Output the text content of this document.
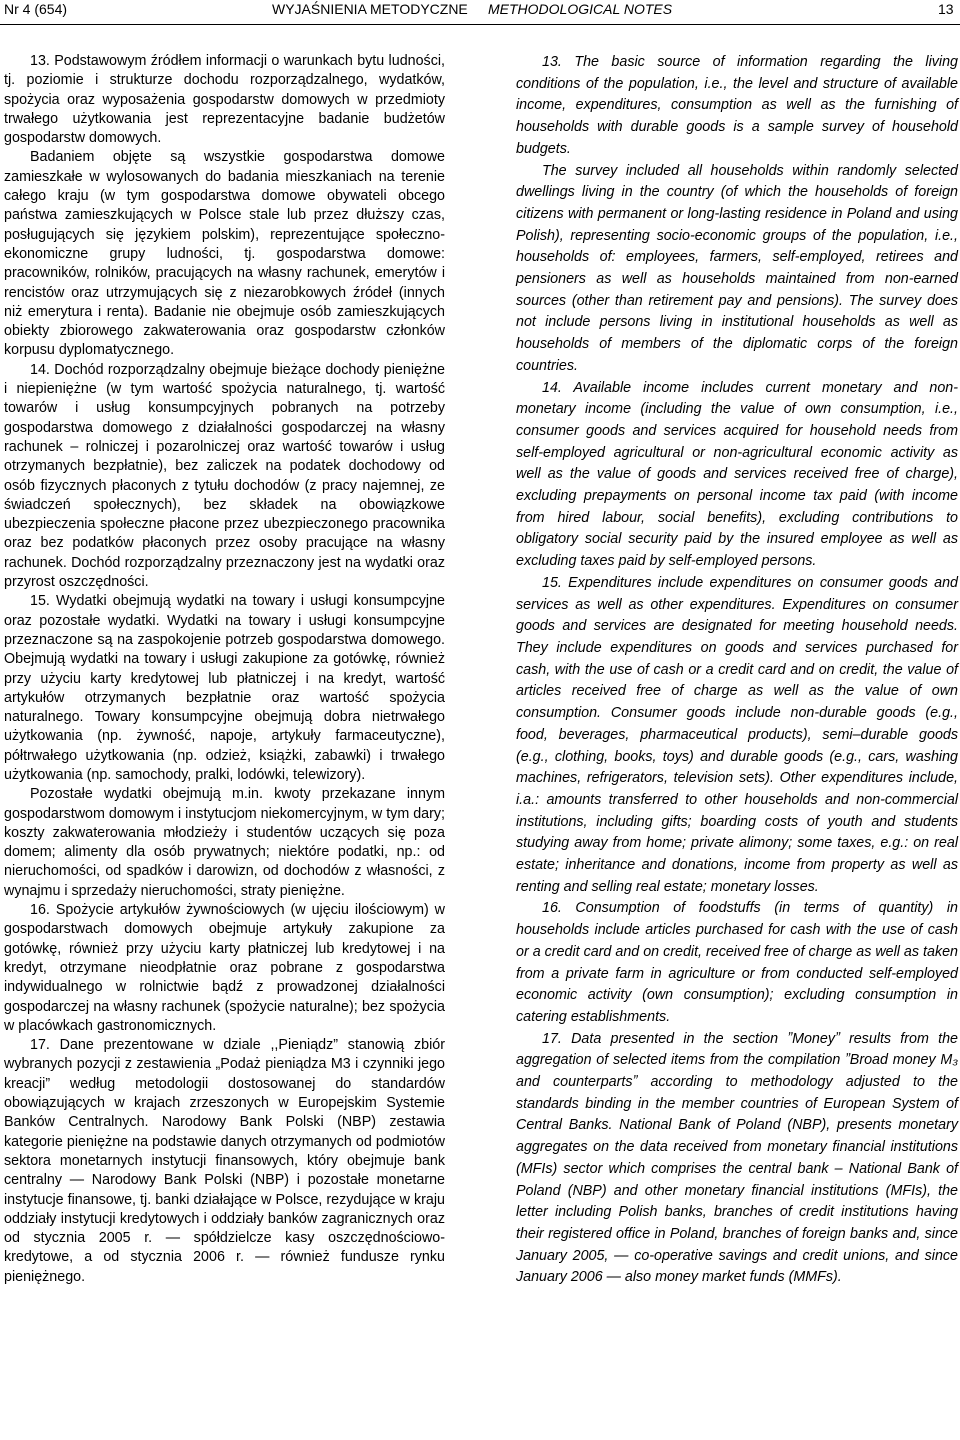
Nr 4 (654)	WYJAŚNIENIA METODYCZNE METHODOLOGICAL NOTES	13

13. Podstawowym źródłem informacji o warunkach bytu ludności, tj. poziomie i strukturze dochodu rozporządzalnego, wydatków, spożycia oraz wyposażenia gospodarstw domowych w przedmioty trwałego użytkowania jest reprezentacyjne badanie budżetów gospodarstw domowych.

Badaniem objęte są wszystkie gospodarstwa domowe zamieszkałe w wylosowanych do badania mieszkaniach na terenie całego kraju (w tym gospodarstwa domowe obywateli obcego państwa zamieszkujących w Polsce stale lub przez dłuższy czas, posługujących się językiem polskim), reprezentujące społeczno-ekonomiczne grupy ludności, tj. gospodarstwa domowe: pracowników, rolników, pracujących na własny rachunek, emerytów i rencistów oraz utrzymujących się z niezarobkowych źródeł (innych niż emerytura i renta). Badanie nie obejmuje osób zamieszkujących obiekty zbiorowego zakwaterowania oraz gospodarstw członków korpusu dyplomatycznego.

14. Dochód rozporządzalny obejmuje bieżące dochody pieniężne i niepieniężne (w tym wartość spożycia naturalnego, tj. wartość towarów i usług konsumpcyjnych pobranych na potrzeby gospodarstwa domowego z działalności gospodarczej na własny rachunek – rolniczej i pozarolniczej oraz wartość towarów i usług otrzymanych bezpłatnie), bez zaliczek na podatek dochodowy od osób fizycznych płaconych z tytułu dochodów (z pracy najemnej, ze świadczeń społecznych), bez składek na obowiązkowe ubezpieczenia społeczne płacone przez ubezpieczonego pracownika oraz bez podatków płaconych przez osoby pracujące na własny rachunek. Dochód rozporządzalny przeznaczony jest na wydatki oraz przyrost oszczędności.

15. Wydatki obejmują wydatki na towary i usługi konsumpcyjne oraz pozostałe wydatki. Wydatki na towary i usługi konsumpcyjne przeznaczone są na zaspokojenie potrzeb gospodarstwa domowego. Obejmują wydatki na towary i usługi zakupione za gotówkę, również przy użyciu karty kredytowej lub płatniczej i na kredyt, wartość artykułów otrzymanych bezpłatnie oraz wartość spożycia naturalnego. Towary konsumpcyjne obejmują dobra nietrwałego użytkowania (np. żywność, napoje, artykuły farmaceutyczne), półtrwałego użytkowania (np. odzież, książki, zabawki) i trwałego użytkowania (np. samochody, pralki, lodówki, telewizory).

Pozostałe wydatki obejmują m.in. kwoty przekazane innym gospodarstwom domowym i instytucjom niekomercyjnym, w tym dary; koszty zakwaterowania młodzieży i studentów uczących się poza domem; alimenty dla osób prywatnych; niektóre podatki, np.: od nieruchomości, od spadków i darowizn, od dochodów z własności, z wynajmu i sprzedaży nieruchomości, straty pieniężne.

16. Spożycie artykułów żywnościowych (w ujęciu ilościowym) w gospodarstwach domowych obejmuje artykuły zakupione za gotówkę, również przy użyciu karty płatniczej lub kredytowej i na kredyt, otrzymane nieodpłatnie oraz pobrane z gospodarstwa indywidualnego w rolnictwie bądź z prowadzonej działalności gospodarczej na własny rachunek (spożycie naturalne); bez spożycia w placówkach gastronomicznych.

17. Dane prezentowane w dziale ,,Pieniądz” stanowią zbiór wybranych pozycji z zestawienia „Podaż pieniądza M3 i czynniki jego kreacji” według metodologii dostosowanej do standardów obowiązujących w krajach zrzeszonych w Europejskim Systemie Banków Centralnych. Narodowy Bank Polski (NBP) zestawia kategorie pieniężne na podstawie danych otrzymanych od podmiotów sektora monetarnych instytucji finansowych, który obejmuje bank centralny — Narodowy Bank Polski (NBP) i pozostałe monetarne instytucje finansowe, tj. banki działające w Polsce, rezydujące w kraju oddziały instytucji kredytowych i oddziały banków zagranicznych oraz od stycznia 2005 r. — spółdzielcze kasy oszczędnościowo-kredytowe, a od stycznia 2006 r. — również fundusze rynku pieniężnego.

13. The basic source of information regarding the living conditions of the population, i.e., the level and structure of available income, expenditures, consumption as well as the furnishing of households with durable goods is a sample survey of household budgets.

The survey included all households within randomly selected dwellings living in the country (of which the households of foreign citizens with permanent or long-lasting residence in Poland and using Polish), representing socio-economic groups of the population, i.e., households of: employees, farmers, self-employed, retirees and pensioners as well as households maintained from non-earned sources (other than retirement pay and pensions). The survey does not include persons living in institutional households as well as households of members of the diplomatic corps of the foreign countries.

14. Available income includes current monetary and non-monetary income (including the value of own consumption, i.e., consumer goods and services acquired for household needs from self-employed agricultural or non-agricultural economic activity as well as the value of goods and services received free of charge), excluding prepayments on personal income tax paid (with income from hired labour, social benefits), excluding contributions to obligatory social security paid by the insured employee as well as excluding taxes paid by self-employed persons.

15. Expenditures include expenditures on consumer goods and services as well as other expenditures. Expenditures on consumer goods and services are designated for meeting household needs. They include expenditures on goods and services purchased for cash, with the use of cash or a credit card and on credit, the value of articles received free of charge as well as the value of own consumption. Consumer goods include non-durable goods (e.g., food, beverages, pharmaceutical products), semi–durable goods (e.g., clothing, books, toys) and durable goods (e.g., cars, washing machines, refrigerators, television sets). Other expenditures include, i.a.: amounts transferred to other households and non-commercial institutions, including gifts; boarding costs of youth and students studying away from home; private alimony; some taxes, e.g.: on real estate; inheritance and donations, income from property as well as renting and selling real estate; monetary losses.

16. Consumption of foodstuffs (in terms of quantity) in households include articles purchased for cash with the use of cash or a credit card and on credit, received free of charge as well as taken from a private farm in agriculture or from conducted self-employed economic activity (own consumption); excluding consumption in catering establishments.

17. Data presented in the section ˮMoneyˮ results from the aggregation of selected items from the compilation ˮBroad money M₃ and counterpartsˮ according to methodology adjusted to the standards binding in the member countries of European System of Central Banks. National Bank of Poland (NBP), presents monetary aggregates on the data received from monetary financial institutions (MFIs) sector which comprises the central bank – National Bank of Poland (NBP) and other monetary financial institutions (MFIs), the letter including Polish banks, branches of credit institutions having their registered office in Poland, branches of foreign banks and, since January 2005, — co-operative savings and credit unions, and since January 2006 — also money market funds (MMFs).
